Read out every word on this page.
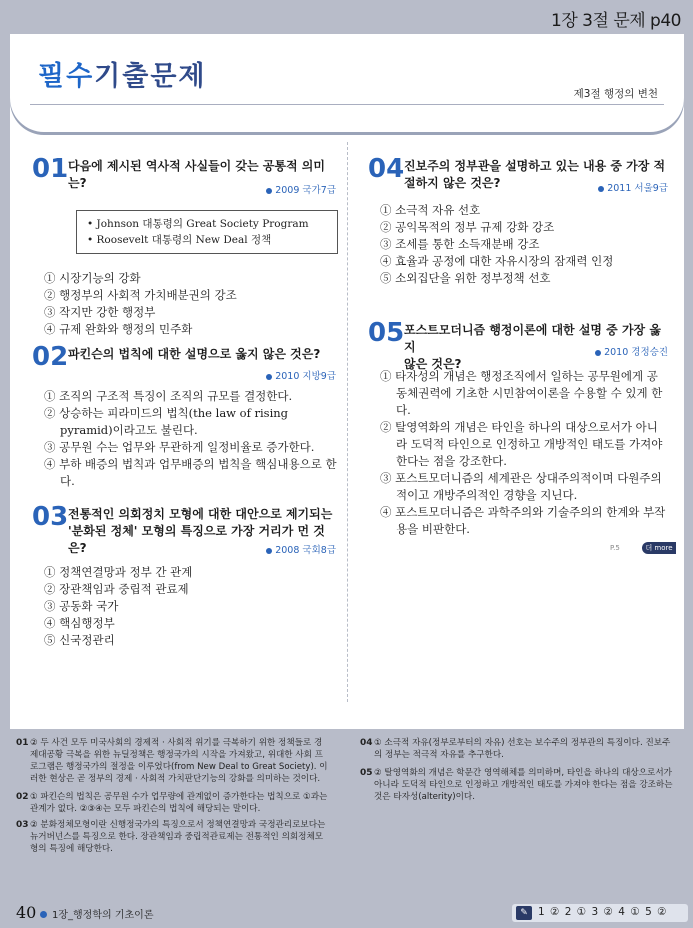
1장 3절 문제 p40
필수기출문제
제3절 행정의 변천
01 다음에 제시된 역사적 사실들이 갖는 공통적 의미는?
2009 국가7급
• Johnson 대통령의 Great Society Program
• Roosevelt 대통령의 New Deal 정책
① 시장기능의 강화
② 행정부의 사회적 가치배분권의 강조
③ 작지만 강한 행정부
④ 규제 완화와 행정의 민주화
02 파킨슨의 법칙에 대한 설명으로 옳지 않은 것은?
2010 지방9급
① 조직의 구조적 특징이 조직의 규모를 결정한다.
② 상승하는 피라미드의 법칙(the law of rising pyramid)이라고도 불린다.
③ 공무원 수는 업무와 무관하게 일정비율로 증가한다.
④ 부하 배증의 법칙과 업무배증의 법칙을 핵심내용으로 한다.
03 전통적인 의회정치 모형에 대한 대안으로 제기되는
'분화된 정체' 모형의 특징으로 가장 거리가 먼 것은?	2008 국회8급
① 정책연결망과 정부 간 관계
② 장관책임과 중립적 관료제
③ 공동화 국가
④ 핵심행정부
⑤ 신국정관리
04 진보주의 정부관을 설명하고 있는 내용 중 가장 적
절하지 않은 것은?	2011 서울9급
① 소극적 자유 선호
② 공익목적의 정부 규제 강화 강조
③ 조세를 통한 소득재분배 강조
④ 효율과 공정에 대한 자유시장의 잠재력 인정
⑤ 소외집단을 위한 정부정책 선호
05 포스트모더니즘 행정이론에 대한 설명 중 가장 옳지
않은 것은?
2010 경정승진
① 타자성의 개념은 행정조직에서 일하는 공무원에게 공동체권력에 기초한 시민참여이론을 수용할 수 있게 한다.
② 탈영역화의 개념은 타인을 하나의 대상으로서가 아니라 도덕적 타인으로 인정하고 개방적인 태도를 가져야 한다는 점을 강조한다.
③ 포스트모더니즘의 세계관은 상대주의적이며 다원주의적이고 개방주의적인 경향을 지닌다.
④ 포스트모더니즘은 과학주의와 기술주의의 한계와 부작용을 비판한다.
P.5	더 more
01 ② 두 사건 모두 미국사회의 경제적 · 사회적 위기를 극복하기 위한 정책들로 경제대공황 극복을 위한 뉴딜정책은 행정국가의 시작을 가져왔고, 위대한 사회 프로그램은 행정국가의 절정을 이루었다(from New Deal to Great Society). 이러한 현상은 곧 정부의 경제 · 사회적 가치판단기능의 강화를 의미하는 것이다.
02 ① 파킨슨의 법칙은 공무원 수가 업무량에 관계없이 증가한다는 법칙으로 ①과는 관계가 없다. ②③④는 모두 파킨슨의 법칙에 해당되는 말이다.
03 ② 분화정체모형이란 신행정국가의 특징으로서 정책연결망과 국정관리로보다는 뉴거버넌스를 특징으로 한다. 장관책임과 중립적관료제는 전통적인 의회정체모형의 특징에 해당한다.
04 ① 소극적 자유(정부로부터의 자유) 선호는 보수주의 정부관의 특징이다. 진보주의 정부는 적극적 자유를 추구한다.
05 ② 탈영역화의 개념은 학문간 영역해체를 의미하며, 타인을 하나의 대상으로서가 아니라 도덕적 타인으로 인정하고 개방적인 태도를 가져야 한다는 점을 강조하는 것은 타자성(alterity)이다.
40 1장_행정학의 기초이론	✎ 1 ② 2 ① 3 ② 4 ① 5 ②
